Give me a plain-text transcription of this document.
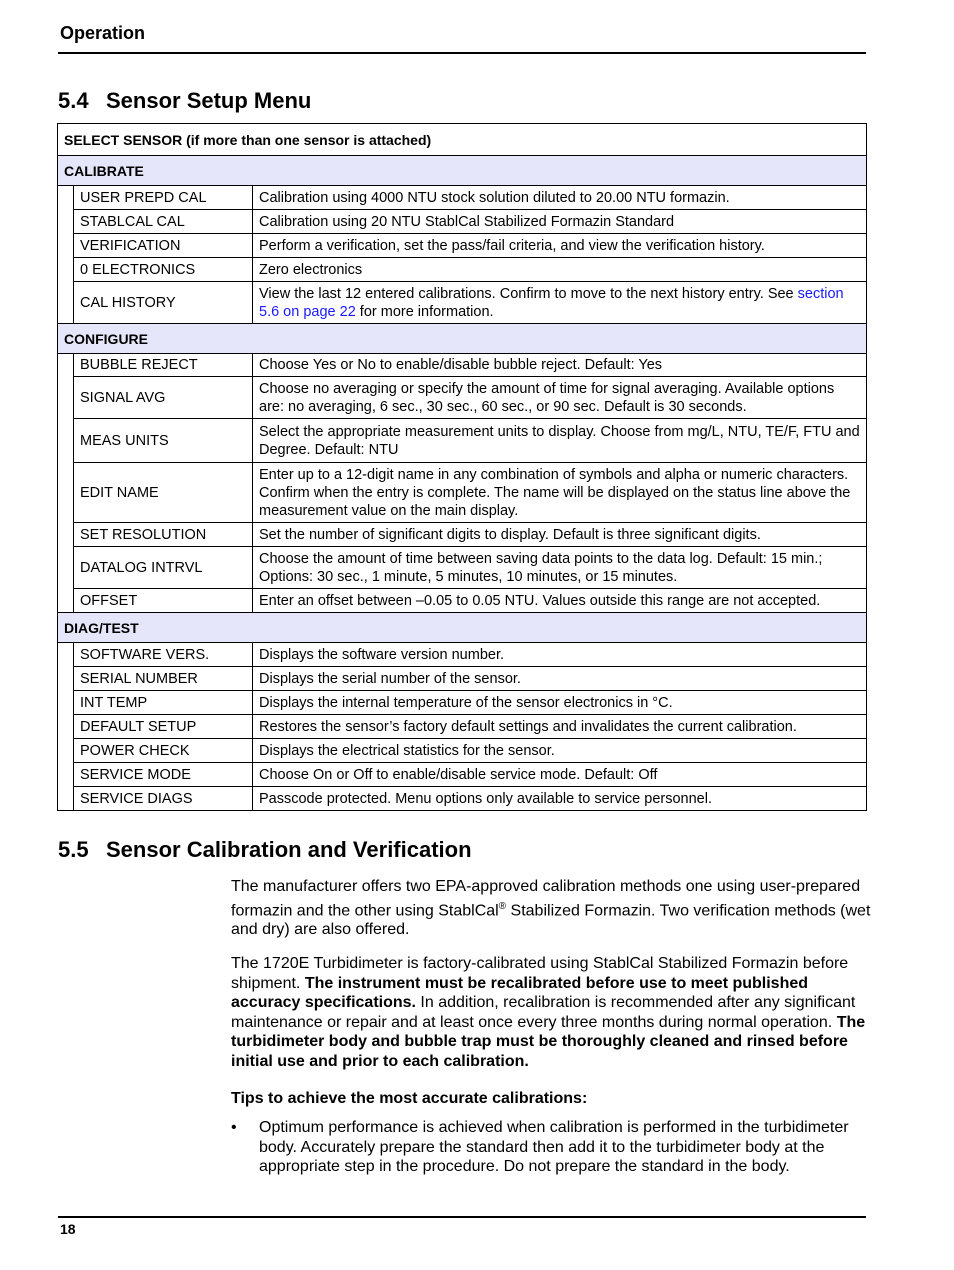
Operation
5.4 Sensor Setup Menu
SELECT SENSOR (if more than one sensor is attached)		
CALIBRATE		
	USER PREPD CAL	Calibration using 4000 NTU stock solution diluted to 20.00 NTU formazin.
	STABLCAL CAL	Calibration using 20 NTU StablCal Stabilized Formazin Standard
	VERIFICATION	Perform a verification, set the pass/fail criteria, and view the verification history.
	0 ELECTRONICS	Zero electronics
	CAL HISTORY	View the last 12 entered calibrations. Confirm to move to the next history entry. See section 5.6 on page 22 for more information.
CONFIGURE		
	BUBBLE REJECT	Choose Yes or No to enable/disable bubble reject. Default: Yes
	SIGNAL AVG	Choose no averaging or specify the amount of time for signal averaging. Available options are: no averaging, 6 sec., 30 sec., 60 sec., or 90 sec. Default is 30 seconds.
	MEAS UNITS	Select the appropriate measurement units to display. Choose from mg/L, NTU, TE/F, FTU and Degree. Default: NTU
	EDIT NAME	Enter up to a 12-digit name in any combination of symbols and alpha or numeric characters. Confirm when the entry is complete. The name will be displayed on the status line above the measurement value on the main display.
	SET RESOLUTION	Set the number of significant digits to display. Default is three significant digits.
	DATALOG INTRVL	Choose the amount of time between saving data points to the data log. Default: 15 min.; Options: 30 sec., 1 minute, 5 minutes, 10 minutes, or 15 minutes.
	OFFSET	Enter an offset between –0.05 to 0.05 NTU. Values outside this range are not accepted.
DIAG/TEST		
	SOFTWARE VERS.	Displays the software version number.
	SERIAL NUMBER	Displays the serial number of the sensor.
	INT TEMP	Displays the internal temperature of the sensor electronics in °C.
	DEFAULT SETUP	Restores the sensor’s factory default settings and invalidates the current calibration.
	POWER CHECK	Displays the electrical statistics for the sensor.
	SERVICE MODE	Choose On or Off to enable/disable service mode. Default: Off
	SERVICE DIAGS	Passcode protected. Menu options only available to service personnel.
5.5 Sensor Calibration and Verification

The manufacturer offers two EPA-approved calibration methods one using user-prepared formazin and the other using StablCal® Stabilized Formazin. Two verification methods (wet and dry) are also offered.

The 1720E Turbidimeter is factory-calibrated using StablCal Stabilized Formazin before shipment. The instrument must be recalibrated before use to meet published accuracy specifications. In addition, recalibration is recommended after any significant maintenance or repair and at least once every three months during normal operation. The turbidimeter body and bubble trap must be thoroughly cleaned and rinsed before initial use and prior to each calibration.

Tips to achieve the most accurate calibrations:

• Optimum performance is achieved when calibration is performed in the turbidimeter body. Accurately prepare the standard then add it to the turbidimeter body at the appropriate step in the procedure. Do not prepare the standard in the body.
18
